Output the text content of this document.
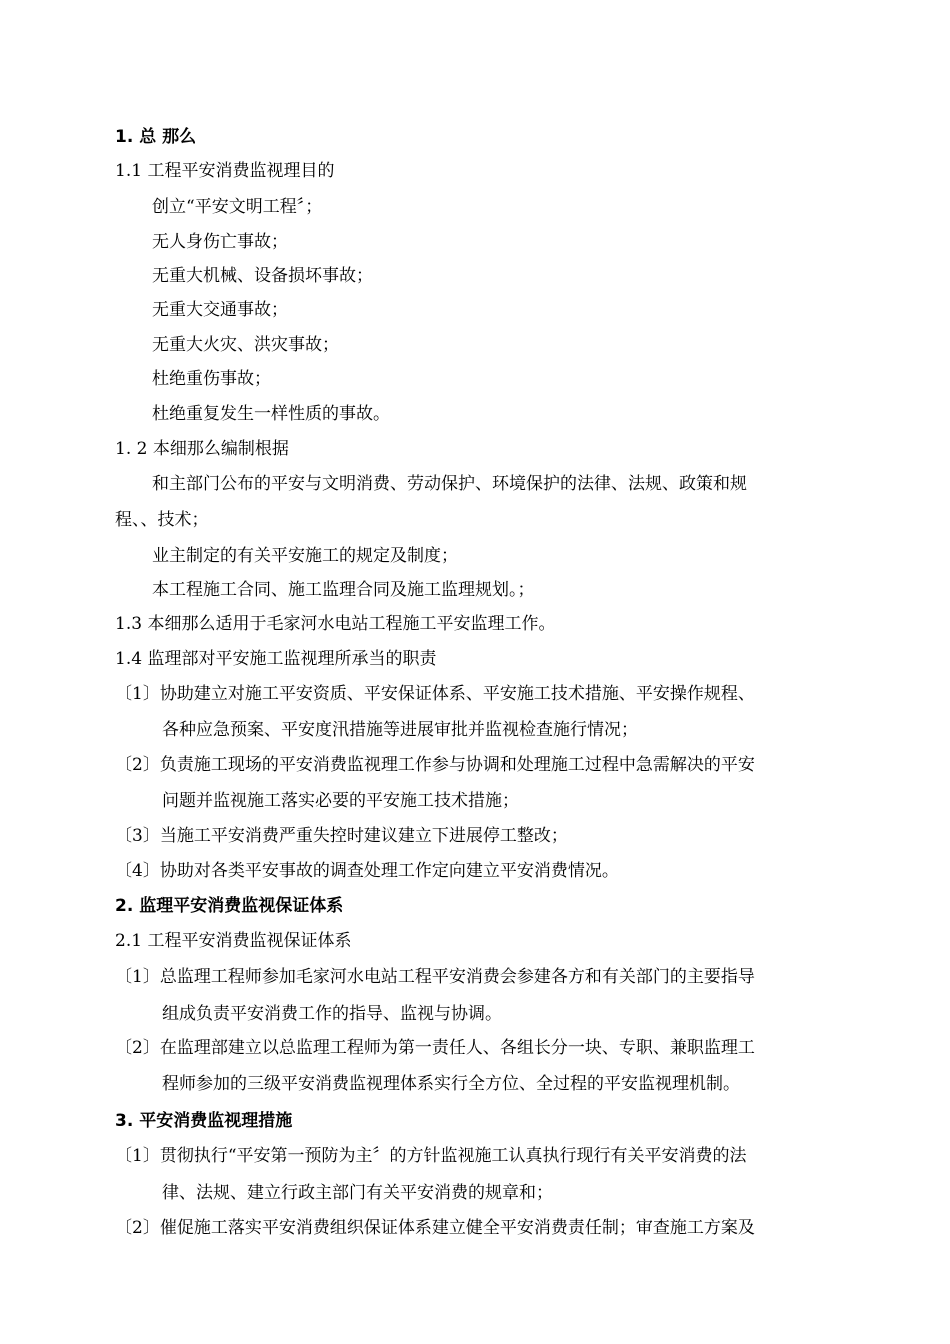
1. 总 那么
1.1 工程平安消费监视理目的
创立“平安文明工程〞；
无人身伤亡事故；
无重大机械、设备损坏事故；
无重大交通事故；
无重大火灾、洪灾事故；
杜绝重伤事故；
杜绝重复发生一样性质的事故。
1. 2 本细那么编制根据
和主部门公布的平安与文明消费、劳动保护、环境保护的法律、法规、政策和规
程、、技术；
业主制定的有关平安施工的规定及制度；
本工程施工合同、施工监理合同及施工监理规划。；
1.3 本细那么适用于毛家河水电站工程施工平安监理工作。
1.4 监理部对平安施工监视理所承当的职责
〔1〕协助建立对施工平安资质、平安保证体系、平安施工技术措施、平安操作规程、
各种应急预案、平安度汛措施等进展审批并监视检查施行情况；
〔2〕负责施工现场的平安消费监视理工作参与协调和处理施工过程中急需解决的平安
问题并监视施工落实必要的平安施工技术措施；
〔3〕当施工平安消费严重失控时建议建立下进展停工整改；
〔4〕协助对各类平安事故的调查处理工作定向建立平安消费情况。
2. 监理平安消费监视保证体系
2.1 工程平安消费监视保证体系
〔1〕总监理工程师参加毛家河水电站工程平安消费会参建各方和有关部门的主要指导
组成负责平安消费工作的指导、监视与协调。
〔2〕在监理部建立以总监理工程师为第一责任人、各组长分一块、专职、兼职监理工
程师参加的三级平安消费监视理体系实行全方位、全过程的平安监视理机制。
3. 平安消费监视理措施
〔1〕贯彻执行“平安第一预防为主〞的方针监视施工认真执行现行有关平安消费的法
律、法规、建立行政主部门有关平安消费的规章和；
〔2〕催促施工落实平安消费组织保证体系建立健全平安消费责任制；审查施工方案及
